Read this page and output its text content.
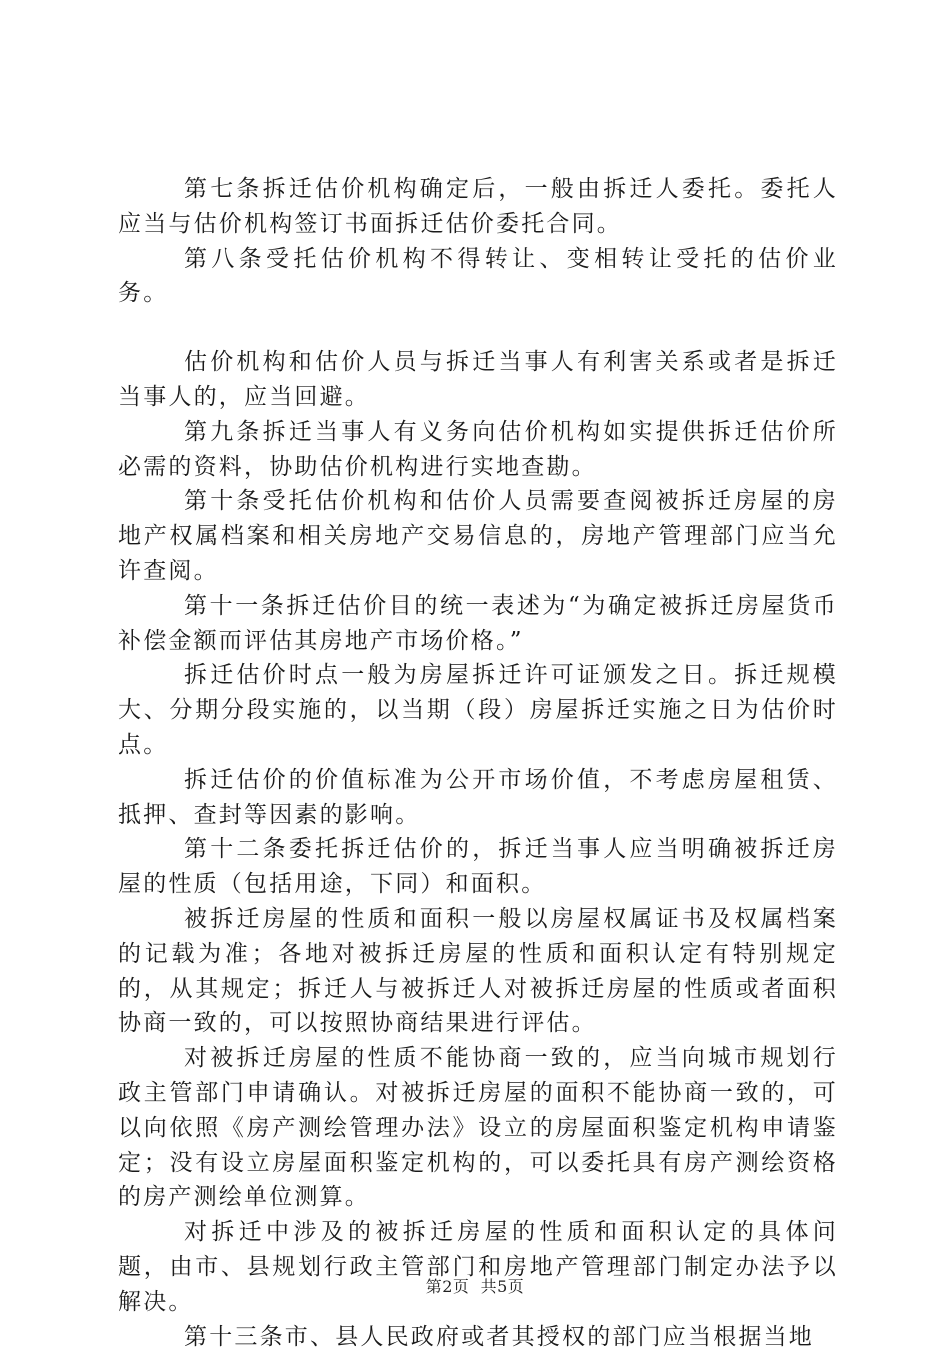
第七条拆迁估价机构确定后，一般由拆迁人委托。委托人应当与估价机构签订书面拆迁估价委托合同。

第八条受托估价机构不得转让、变相转让受托的估价业务。

估价机构和估价人员与拆迁当事人有利害关系或者是拆迁当事人的，应当回避。

第九条拆迁当事人有义务向估价机构如实提供拆迁估价所必需的资料，协助估价机构进行实地查勘。

第十条受托估价机构和估价人员需要查阅被拆迁房屋的房地产权属档案和相关房地产交易信息的，房地产管理部门应当允许查阅。

第十一条拆迁估价目的统一表述为“为确定被拆迁房屋货币补偿金额而评估其房地产市场价格。”

拆迁估价时点一般为房屋拆迁许可证颁发之日。拆迁规模大、分期分段实施的，以当期（段）房屋拆迁实施之日为估价时点。

拆迁估价的价值标准为公开市场价值，不考虑房屋租赁、抵押、查封等因素的影响。

第十二条委托拆迁估价的，拆迁当事人应当明确被拆迁房屋的性质（包括用途，下同）和面积。

被拆迁房屋的性质和面积一般以房屋权属证书及权属档案的记载为准；各地对被拆迁房屋的性质和面积认定有特别规定的，从其规定；拆迁人与被拆迁人对被拆迁房屋的性质或者面积协商一致的，可以按照协商结果进行评估。

对被拆迁房屋的性质不能协商一致的，应当向城市规划行政主管部门申请确认。对被拆迁房屋的面积不能协商一致的，可以向依照《房产测绘管理办法》设立的房屋面积鉴定机构申请鉴定；没有设立房屋面积鉴定机构的，可以委托具有房产测绘资格的房产测绘单位测算。

对拆迁中涉及的被拆迁房屋的性质和面积认定的具体问题，由市、县规划行政主管部门和房地产管理部门制定办法予以解决。

第十三条市、县人民政府或者其授权的部门应当根据当地

第2页  共5页
